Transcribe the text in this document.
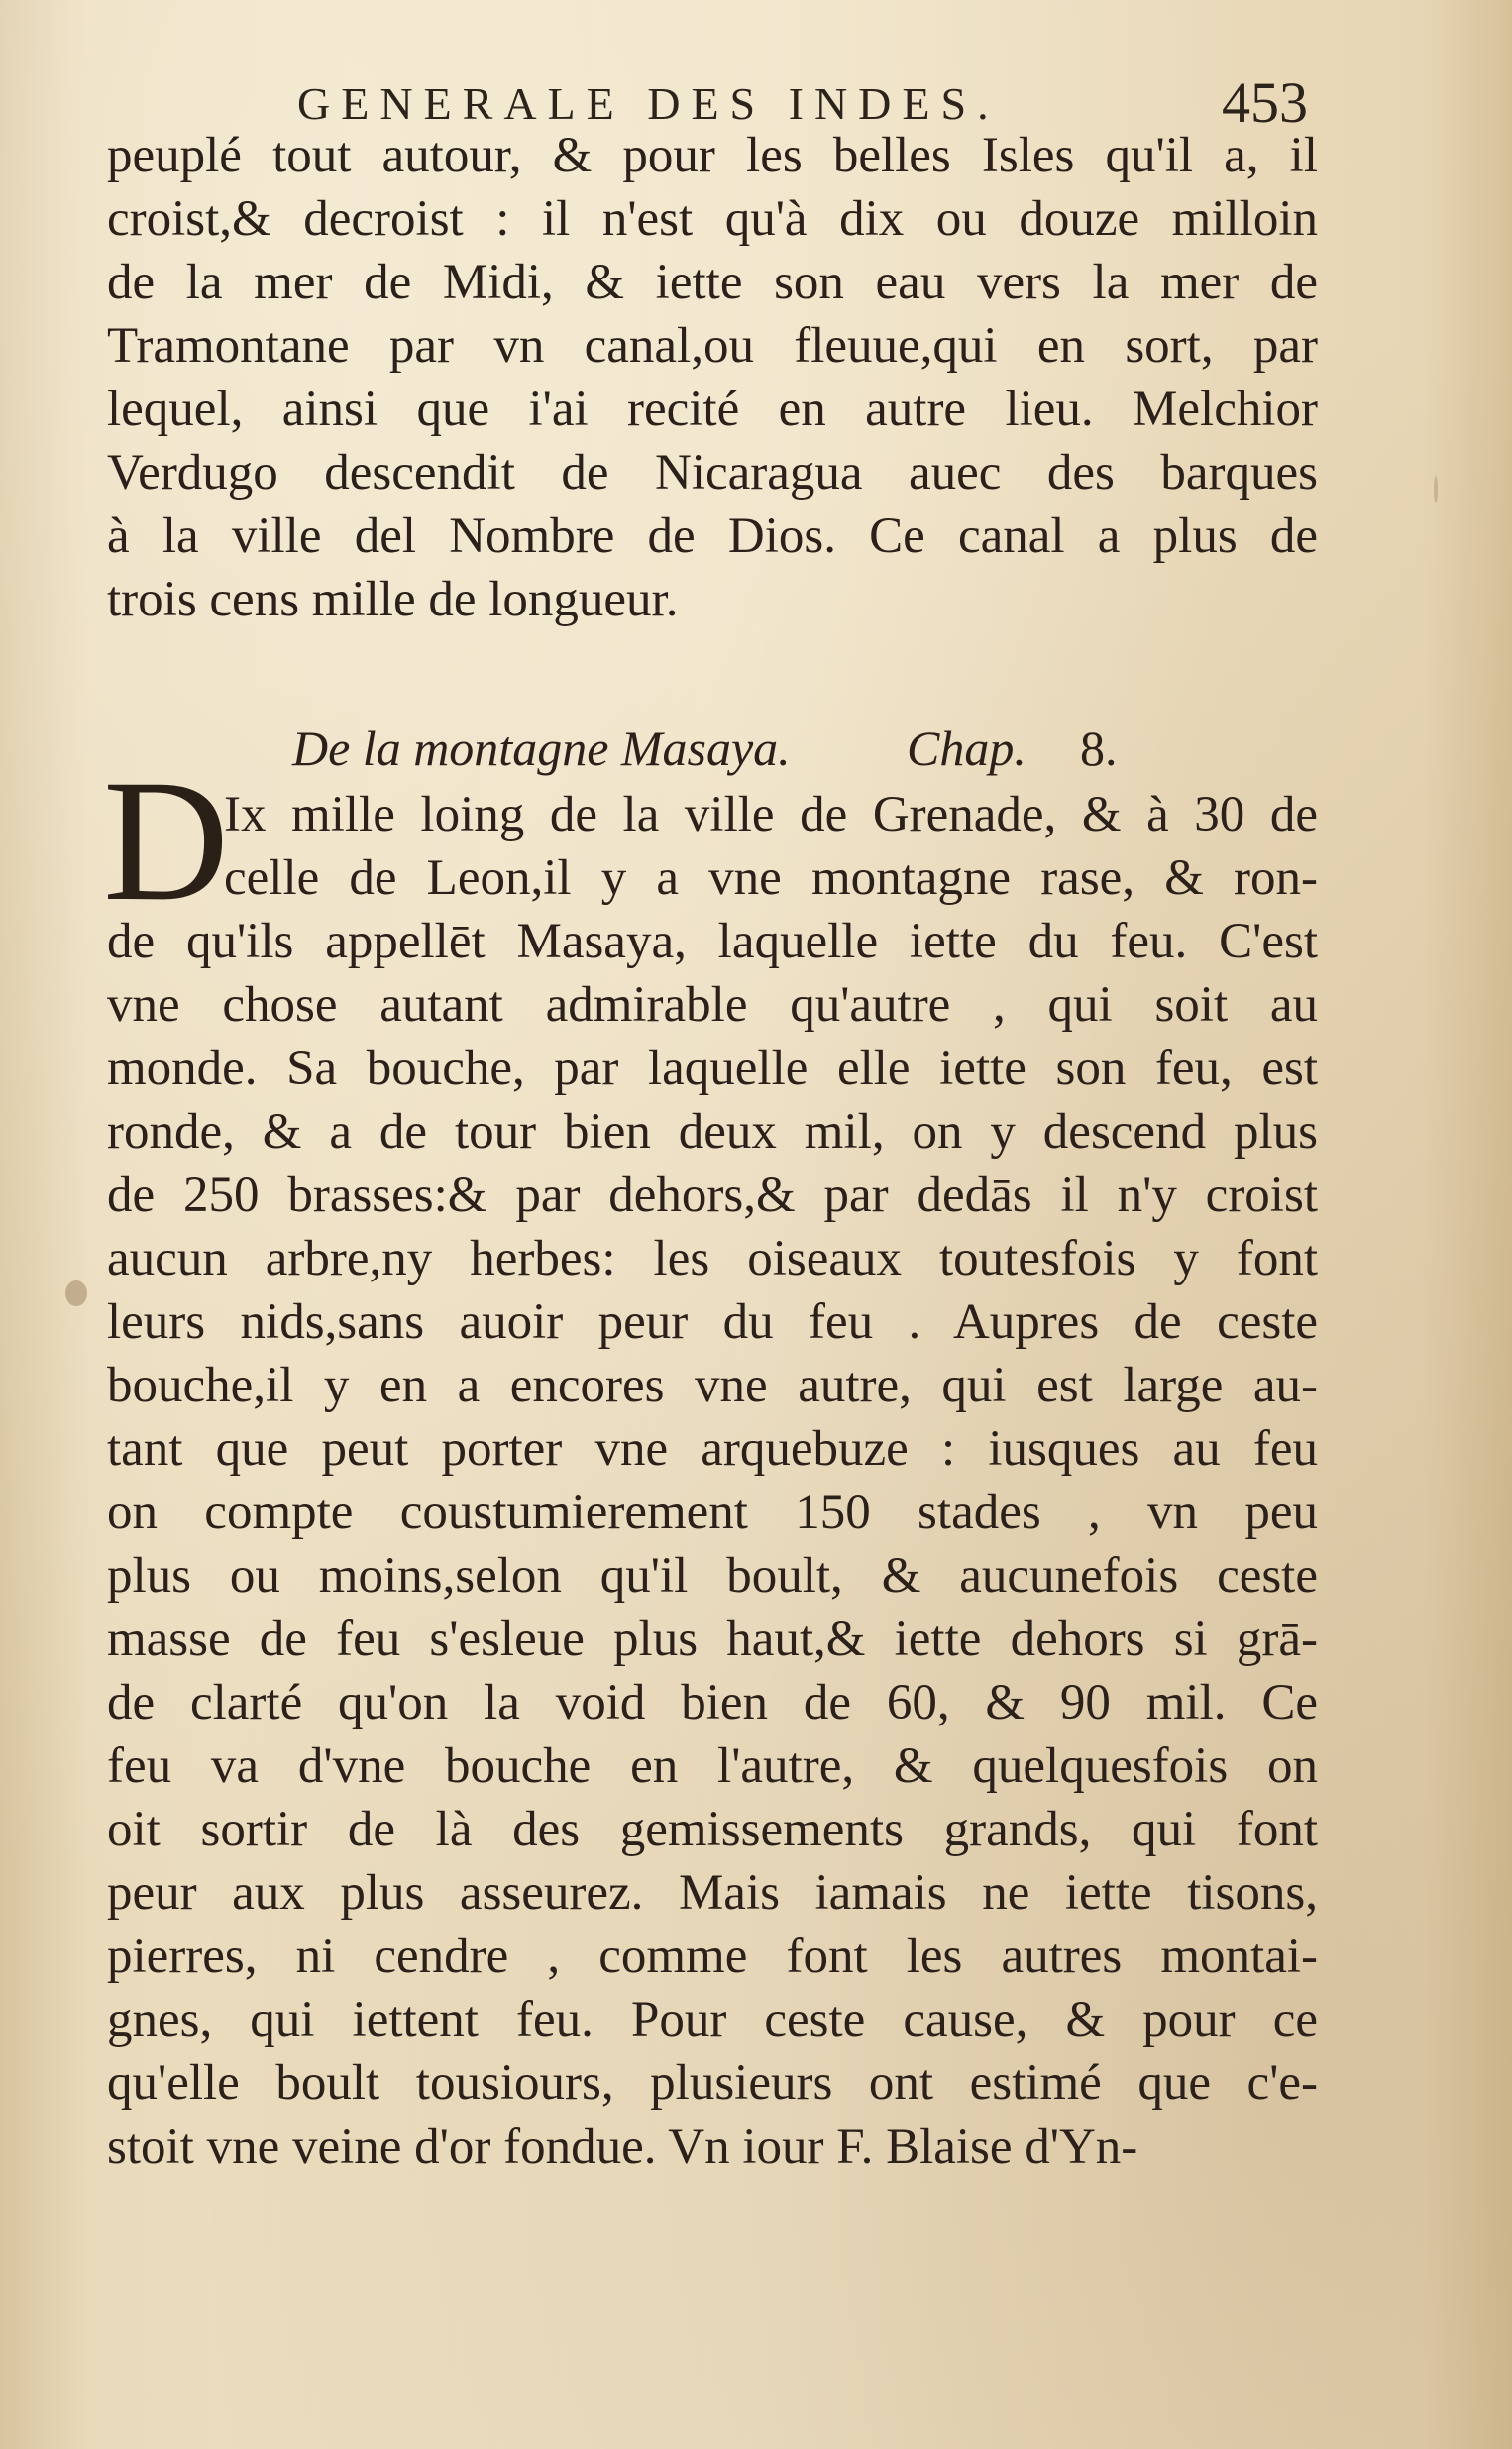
GENERALE DES INDES.	453
peuplé tout autour, & pour les belles Isles qu'il a, il
croist,& decroist : il n'est qu'à dix ou douze milloin
de la mer de Midi, & iette son eau vers la mer de
Tramontane par vn canal,ou fleuue,qui en sort, par
lequel, ainsi que i'ai recité en autre lieu. Melchior
Verdugo descendit de Nicaragua auec des barques
à la ville del Nombre de Dios. Ce canal a plus de
trois cens mille de longueur.
De la montagne Masaya. Chap. 8.
D
Ix mille loing de la ville de Grenade, & à 30 de
celle de Leon,il y a vne montagne rase, & ron-
de qu'ils appellēt Masaya, laquelle iette du feu. C'est
vne chose autant admirable qu'autre , qui soit au
monde. Sa bouche, par laquelle elle iette son feu, est
ronde, & a de tour bien deux mil, on y descend plus
de 250 brasses:& par dehors,& par dedās il n'y croist
aucun arbre,ny herbes: les oiseaux toutesfois y font
leurs nids,sans auoir peur du feu . Aupres de ceste
bouche,il y en a encores vne autre, qui est large au-
tant que peut porter vne arquebuze : iusques au feu
on compte coustumierement 150 stades , vn peu
plus ou moins,selon qu'il boult, & aucunefois ceste
masse de feu s'esleue plus haut,& iette dehors si grā-
de clarté qu'on la void bien de 60, & 90 mil. Ce
feu va d'vne bouche en l'autre, & quelquesfois on
oit sortir de là des gemissements grands, qui font
peur aux plus asseurez. Mais iamais ne iette tisons,
pierres, ni cendre , comme font les autres montai-
gnes, qui iettent feu. Pour ceste cause, & pour ce
qu'elle boult tousiours, plusieurs ont estimé que c'e-
stoit vne veine d'or fondue. Vn iour F. Blaise d'Yn-
